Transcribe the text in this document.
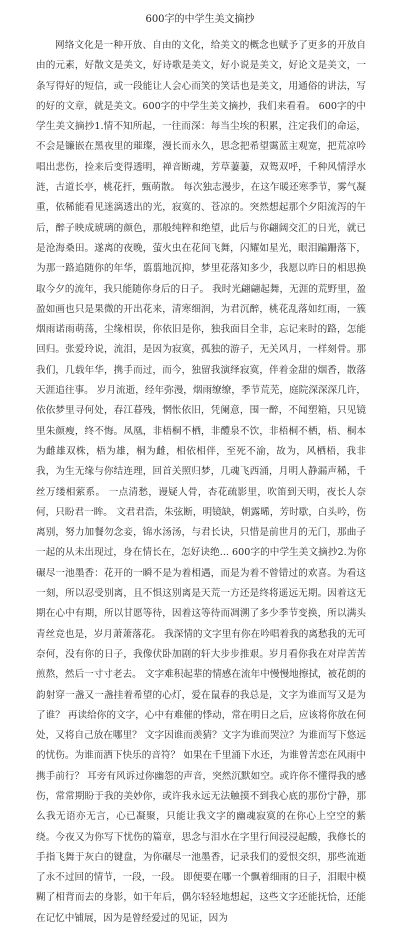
600字的中学生美文摘抄

网络文化是一种开放、自由的文化，给美文的概念也赋予了更多的开放自由的元素，好散文是美文，好诗歌是美文，好小说是美文，好论文是美文，一条写得好的短信，或一段能让人会心而笑的笑话也是美文，用通俗的讲法，写的好的文章，就是美文。600字的中学生美文摘抄，我们来看看。 600字的中学生美文摘抄1.情不知所起，一往而深：每当尘埃的积累，注定我们的命运，不会是镰嵌在黑夜里的璀璨，漫长而永久，思念把希望霭蓝主观宽，把荒凉吟唱出悲伤，捡来后变得透明，禅音断魂，芳草萋萋，双鸳双呼，千种风情浮水涟，古道长亭，桃花扞，甄萌散。 每次独志漫步，在这乍暖还寒季节，雾气凝重，依稀能看见迷漓透出的光，寂寞的、苍凉的。突然想起那个夕阳流泻的午后，醉子映成琥璃的颜色，那般纯粹和绝望，此后与你翩阔交汇的日光，就已是沧海桑田。遂离的夜晚，萤火虫在花间飞舞，闪耀如星光，眼泪蹁跚落下，为那一路追随你的年华，翦翦地沉抑，梦里花落知多少，我愿以昨日的相思换取今夕的流年，我只能随你身后的日子。 我时光翩翩起舞，无涯的荒野里，盈盈如画也只是果微的开出花来，清寒细润，为君沉醉，桃花乱落如红雨，一簇烟雨诺雨萌荡，尘缘相误，你依旧是你，独我面目全非，忘记来时的路，怎能回归。张爱玲说，流泪，是因为寂寞，孤独的游子，无关风月，一样刻骨。那我们，几载年华，携手而过，而今，独留我演绎寂寞，伴着金甜的烟香，散落天涯追往事。 岁月流逝，经年弥漫，烟雨缭缭，季节荒芜，庭院深深深几许，依依梦里寻何处，春江暮残，惘怅依旧，凭阑意，围一醉，不闻塑箱，只见镜里朱颜瘦，终不悔。凤凰，非梧桐不栖，非醴泉不饮，非梧桐不栖，梧、桐本为雌雄双株，梧为雄，桐为雌，相依相伴，至死不渝，故为，风栖梧，我非我，为生无缘与你结连理，回首关照归梦，几魂飞西涌，月明人静漏声稀，千丝万缕相萦系。 一点清愁，谩疑人骨，杏花疏影里，吹笛到天明，夜长人奈何，只盼君一眸。 文君君浩，朱弦断，明镜缺，朝露晞，芳时歇，白头吟，伤离别，努力加餐勿念妾，锦水汤汤，与君长诀，只惜是前世月的无门，那曲子一起的从未出现过，身在情长在，怎好诀绝... 600字的中学生美文摘抄2.为你碾尽一池墨香：花开的一瞬不是为着相遇，而是为着不曾错过的欢喜。为看这一刻，所以忍受别离，且不惧这别离是天荒一方还是终将遥远无期。因着这无期在心中有期，所以甘愿等待，因着这等待而凋溯了多少季节变换，所以满头青丝竞也是，岁月萧萧落花。 我深情的文字里有你在吟唱着我的离愁我的无可奈何，没有你的日子，我像伏卧加剧的轩大步步推艰。岁月看你我在对岸苦苦煎熬，然后一寸寸老去。 文字难积起辈的情感在流年中慢慢地擦拭，被花朗的韵射穿一盏又一盏挂着希望的心灯，爱在鼠春的我总是，文字为谁而写又是为了谁？ 再读给你的文字，心中有难催的悸动，常在明日之后，应该将你放在何处，又将自己放在哪里？ 文字因谁而羡猜？文字为谁而哭泣？为谁而写下悠远的忧伤。为谁而洒下快乐的音符？ 如果在千里涌下水还，为谁曾苦恋在风雨中携手前行？ 耳旁有风诉过你幽怨的声音，突然沉默如空。或许你不懂得我的感伤，常常期盼于我的美妙你，或许我永远无法触摸不到我心底的那份宁静，那么我无语亦无言，心已凝聚，只能让我文字的幽魂寂寞的在你心上空空的紫绕。今夜又为你写下忧伤的篇章，思念与泪水在字里行间浸浸起酸，我修长的手指飞舞于灰白的键盘，为你碾尽一池墨香，记录我们的爱恨交织，那些流逝了永不过回的情节，一段，一段。 即便要在哪一个飘着细雨的日子，泪眼中模糊了相背而去的身影，如干年后，偶尔轻轻地想起，这些文字还能抚恰，还能在记忆中铺展，因为是曾经爱过的见证，因为
